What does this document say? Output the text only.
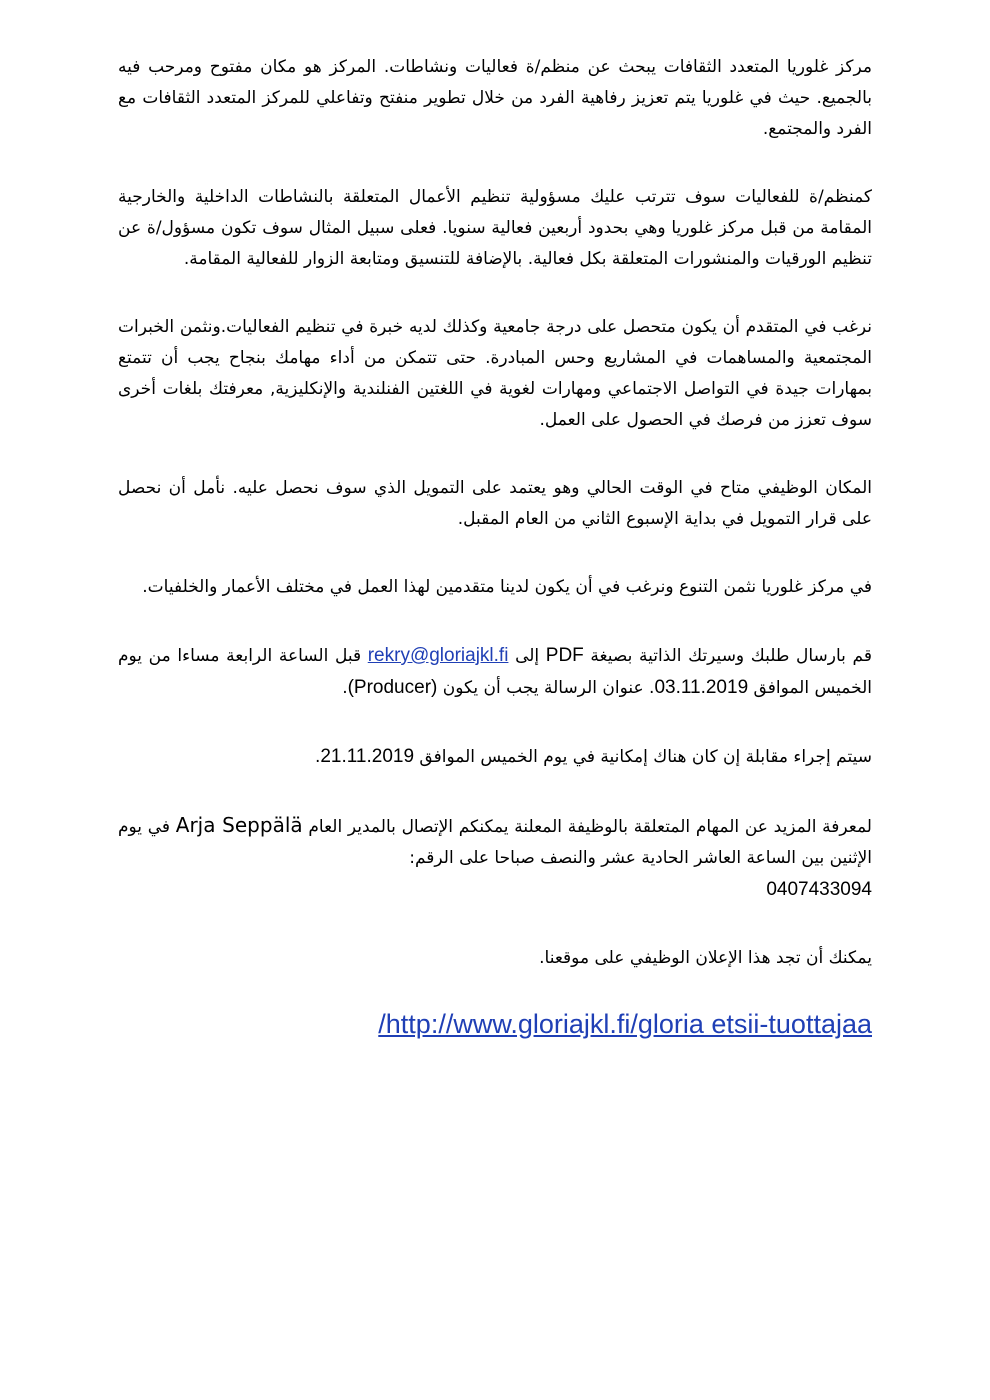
مركز غلوريا المتعدد الثقافات يبحث عن منظم/ة فعاليات ونشاطات. المركز هو مكان مفتوح ومرحب فيه بالجميع. حيث في غلوريا يتم تعزيز رفاهية الفرد من خلال تطوير منفتح وتفاعلي للمركز المتعدد الثقافات مع الفرد والمجتمع.

كمنظم/ة للفعاليات سوف تترتب عليك مسؤولية تنظيم الأعمال المتعلقة بالنشاطات الداخلية والخارجية المقامة من قبل مركز غلوريا وهي بحدود أربعين فعالية سنويا. فعلى سبيل المثال سوف تكون مسؤول/ة عن تنظيم الورقيات والمنشورات المتعلقة بكل فعالية. بالإضافة للتنسيق ومتابعة الزوار للفعالية المقامة.

نرغب في المتقدم أن يكون متحصل على درجة جامعية وكذلك لديه خبرة في تنظيم الفعاليات.ونثمن الخبرات المجتمعية والمساهمات في المشاريع وحس المبادرة. حتى تتمكن من أداء مهامك بنجاح يجب أن تتمتع بمهارات جيدة في التواصل الاجتماعي ومهارات لغوية في اللغتين الفنلندية والإنكليزية, معرفتك بلغات أخرى سوف تعزز من فرصك في الحصول على العمل.

المكان الوظيفي متاح في الوقت الحالي وهو يعتمد على التمويل الذي سوف نحصل عليه. نأمل أن نحصل على قرار التمويل في بداية الإسبوع الثاني من العام المقبل.

في مركز غلوريا نثمن التنوع ونرغب في أن يكون لدينا متقدمين لهذا العمل في مختلف الأعمار والخلفيات.

قم بارسال طلبك وسيرتك الذاتية بصيغة PDF إلى rekry@gloriajkl.fi قبل الساعة الرابعة مساءا من يوم الخميس الموافق 03.11.2019. عنوان الرسالة يجب أن يكون (Producer).

سيتم إجراء مقابلة إن كان هناك إمكانية في يوم الخميس الموافق 21.11.2019.

لمعرفة المزيد عن المهام المتعلقة بالوظيفة المعلنة يمكنكم الإتصال بالمدير العام Arja Seppälä في يوم الإثنين بين الساعة العاشر الحادية عشر والنصف صباحا على الرقم:
0407433094

يمكنك أن تجد هذا الإعلان الوظيفي على موقعنا.

/http://www.gloriajkl.fi/gloria etsii-tuottajaa
